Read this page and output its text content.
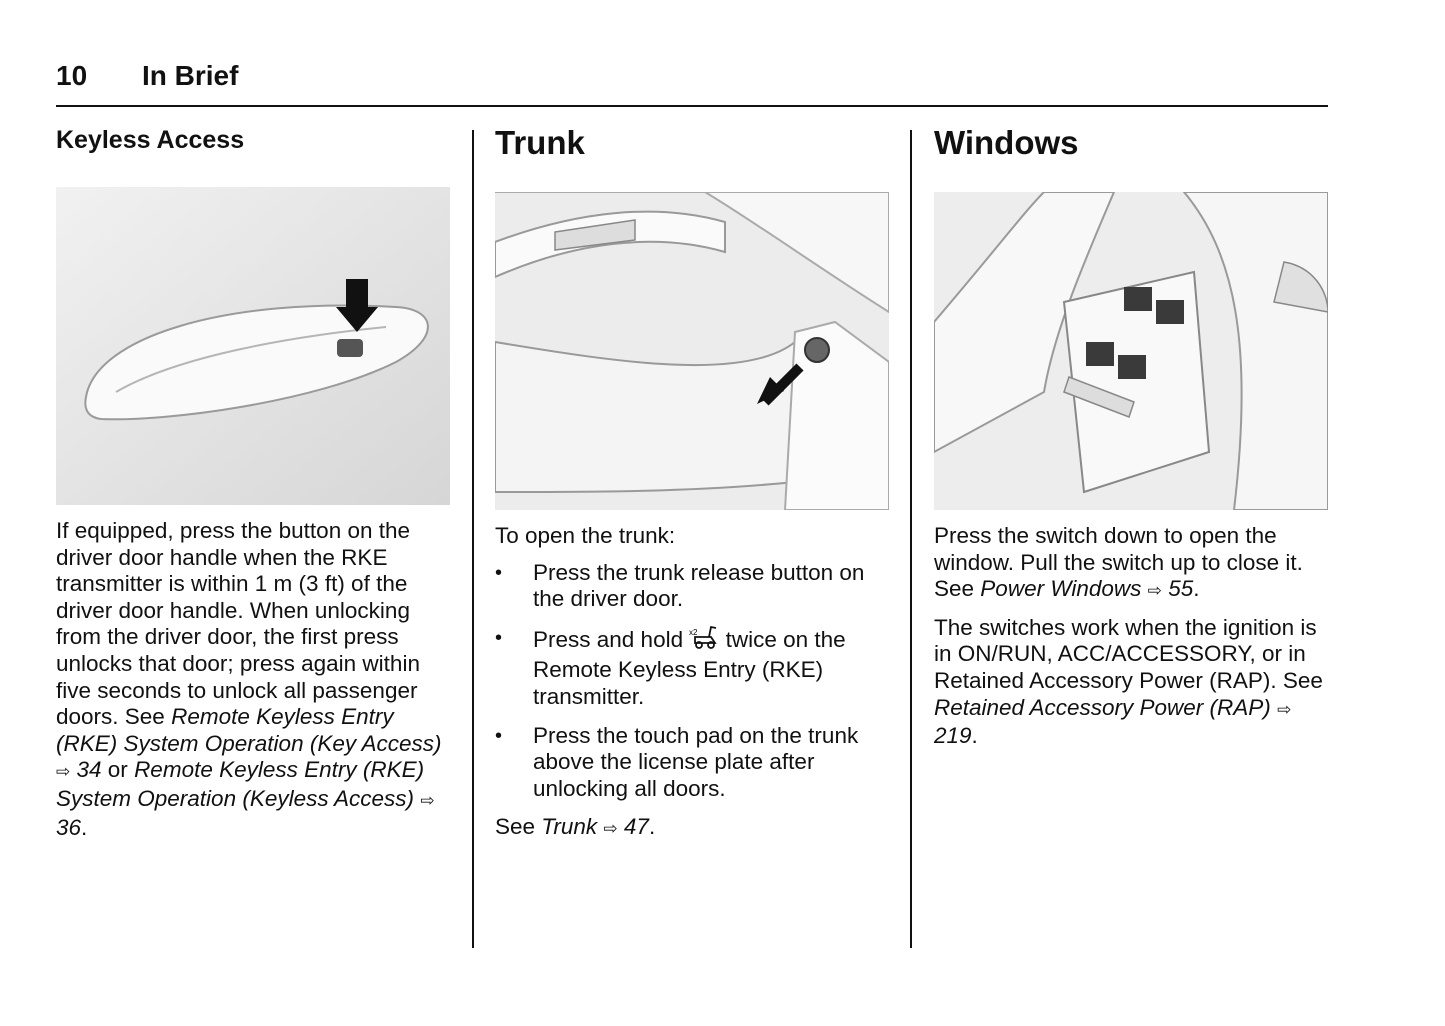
10 In Brief
Keyless Access

If equipped, press the button on the driver door handle when the RKE transmitter is within 1 m (3 ft) of the driver door handle. When unlocking from the driver door, the first press unlocks that door; press again within five seconds to unlock all passenger doors. See Remote Keyless Entry (RKE) System Operation (Key Access) ⇨ 34 or Remote Keyless Entry (RKE) System Operation (Keyless Access) ⇨ 36.

Trunk

To open the trunk:

• Press the trunk release button on the driver door.
• Press and hold x2 twice on the Remote Keyless Entry (RKE) transmitter.
• Press the touch pad on the trunk above the license plate after unlocking all doors.

See Trunk ⇨ 47.

Windows

Press the switch down to open the window. Pull the switch up to close it. See Power Windows ⇨ 55.

The switches work when the ignition is in ON/RUN, ACC/ACCESSORY, or in Retained Accessory Power (RAP). See Retained Accessory Power (RAP) ⇨ 219.
